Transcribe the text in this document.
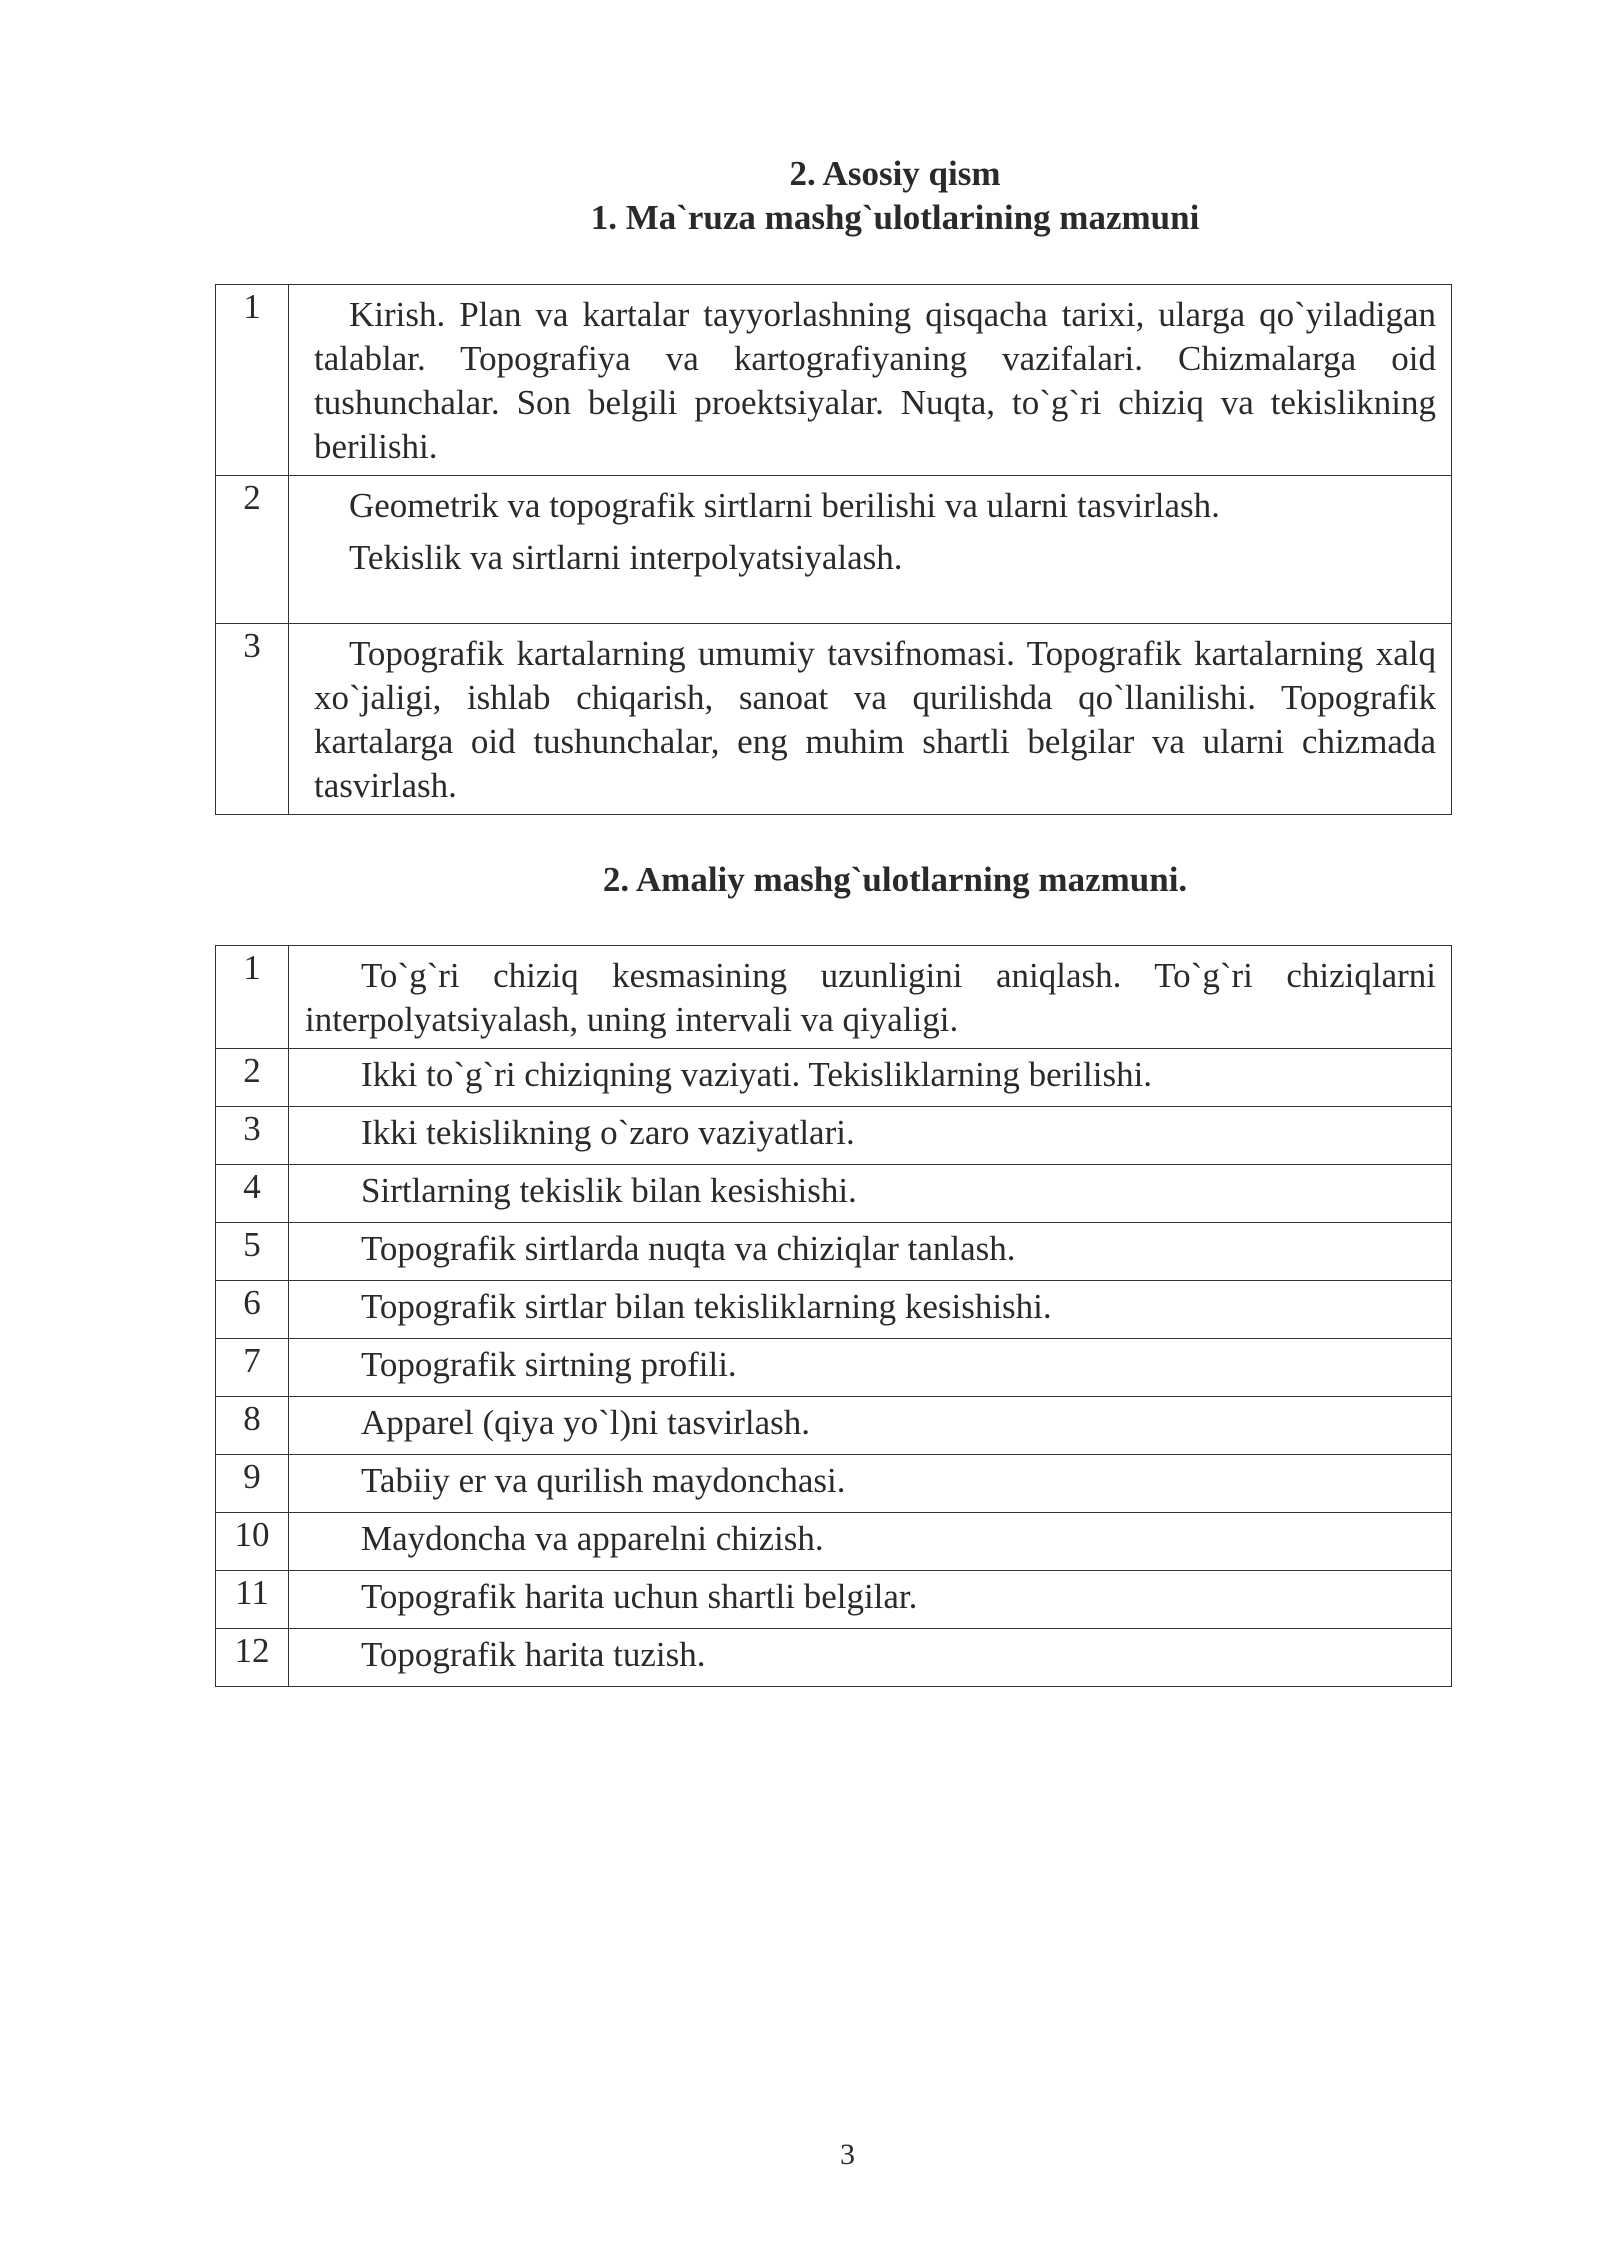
2. Asosiy qism
1. Ma`ruza mashg`ulotlarining mazmuni
1	Kirish. Plan va kartalar tayyorlashning qisqacha tarixi, ularga qo`yiladigan talablar. Topografiya va kartografiyaning vazifalari. Chizmalarga oid tushunchalar. Son belgili proektsiyalar. Nuqta, to`g`ri chiziq va tekislikning berilishi.

2	Geometrik va topografik sirtlarni berilishi va ularni tasvirlash.

Tekislik va sirtlarni interpolyatsiyalash.

3	Topografik kartalarning umumiy tavsifnomasi. Topografik kartalarning xalq xo`jaligi, ishlab chiqarish, sanoat va qurilishda qo`llanilishi. Topografik kartalarga oid tushunchalar, eng muhim shartli belgilar va ularni chizmada tasvirlash.

2. Amaliy mashg`ulotlarning mazmuni.
1	To`g`ri chiziq kesmasining uzunligini aniqlash. To`g`ri chiziqlarni interpolyatsiyalash, uning intervali va qiyaligi.
2	Ikki to`g`ri chiziqning vaziyati. Tekisliklarning berilishi.
3	Ikki tekislikning o`zaro vaziyatlari.
4	Sirtlarning tekislik bilan kesishishi.
5	Topografik sirtlarda nuqta va chiziqlar tanlash.
6	Topografik sirtlar bilan tekisliklarning kesishishi.
7	Topografik sirtning profili.
8	Apparel (qiya yo`l)ni tasvirlash.
9	Tabiiy er va qurilish maydonchasi.
10	Maydoncha va apparelni chizish.
11	Topografik harita uchun shartli belgilar.
12	Topografik harita tuzish.
3
